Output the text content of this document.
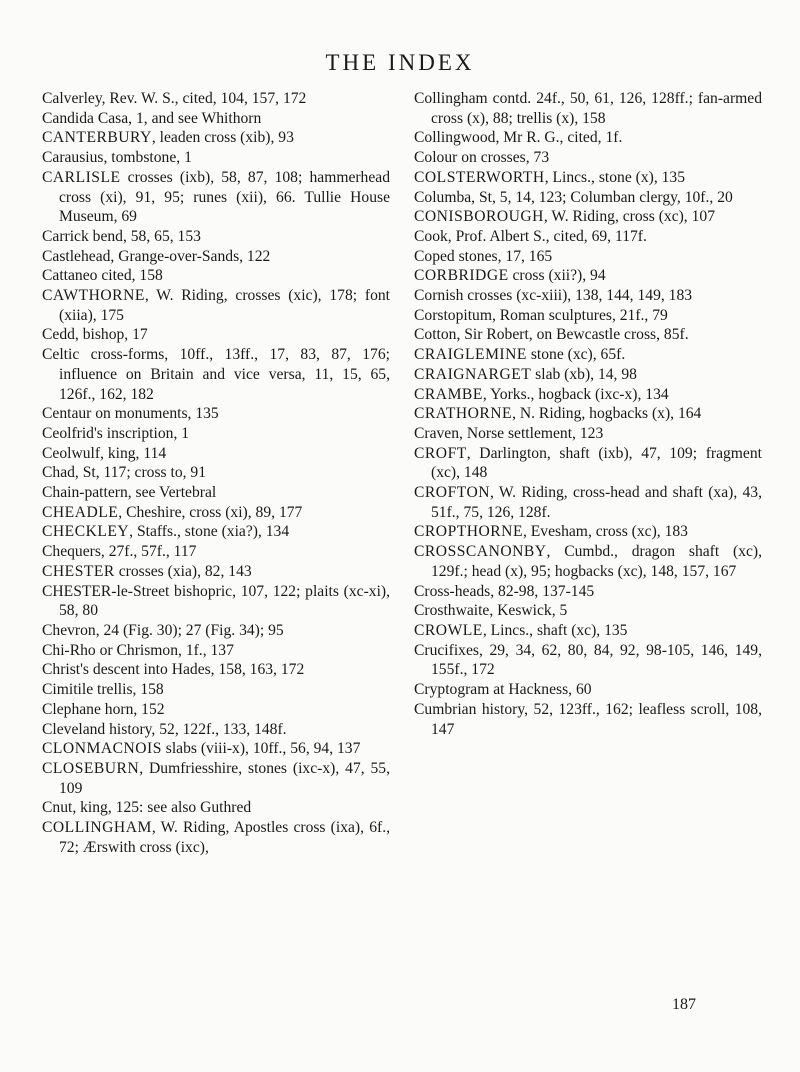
THE INDEX

Calverley, Rev. W. S., cited, 104, 157, 172

Candida Casa, 1, and see Whithorn

CANTERBURY, leaden cross (xib), 93

Carausius, tombstone, 1

CARLISLE crosses (ixb), 58, 87, 108; hammerhead cross (xi), 91, 95; runes (xii), 66. Tullie House Museum, 69

Carrick bend, 58, 65, 153

Castlehead, Grange-over-Sands, 122

Cattaneo cited, 158

CAWTHORNE, W. Riding, crosses (xic), 178; font (xiia), 175

Cedd, bishop, 17

Celtic cross-forms, 10ff., 13ff., 17, 83, 87, 176; influence on Britain and vice versa, 11, 15, 65, 126f., 162, 182

Centaur on monuments, 135

Ceolfrid's inscription, 1

Ceolwulf, king, 114

Chad, St, 117; cross to, 91

Chain-pattern, see Vertebral

CHEADLE, Cheshire, cross (xi), 89, 177

CHECKLEY, Staffs., stone (xia?), 134

Chequers, 27f., 57f., 117

CHESTER crosses (xia), 82, 143

CHESTER-le-Street bishopric, 107, 122; plaits (xc-xi), 58, 80

Chevron, 24 (Fig. 30); 27 (Fig. 34); 95

Chi-Rho or Chrismon, 1f., 137

Christ's descent into Hades, 158, 163, 172

Cimitile trellis, 158

Clephane horn, 152

Cleveland history, 52, 122f., 133, 148f.

CLONMACNOIS slabs (viii-x), 10ff., 56, 94, 137

CLOSEBURN, Dumfriesshire, stones (ixc-x), 47, 55, 109

Cnut, king, 125: see also Guthred

COLLINGHAM, W. Riding, Apostles cross (ixa), 6f., 72; Ærswith cross (ixc),

Collingham contd. 24f., 50, 61, 126, 128ff.; fan-armed cross (x), 88; trellis (x), 158

Collingwood, Mr R. G., cited, 1f.

Colour on crosses, 73

COLSTERWORTH, Lincs., stone (x), 135

Columba, St, 5, 14, 123; Columban clergy, 10f., 20

CONISBOROUGH, W. Riding, cross (xc), 107

Cook, Prof. Albert S., cited, 69, 117f.

Coped stones, 17, 165

CORBRIDGE cross (xii?), 94

Cornish crosses (xc-xiii), 138, 144, 149, 183

Corstopitum, Roman sculptures, 21f., 79

Cotton, Sir Robert, on Bewcastle cross, 85f.

CRAIGLEMINE stone (xc), 65f.

CRAIGNARGET slab (xb), 14, 98

CRAMBE, Yorks., hogback (ixc-x), 134

CRATHORNE, N. Riding, hogbacks (x), 164

Craven, Norse settlement, 123

CROFT, Darlington, shaft (ixb), 47, 109; fragment (xc), 148

CROFTON, W. Riding, cross-head and shaft (xa), 43, 51f., 75, 126, 128f.

CROPTHORNE, Evesham, cross (xc), 183

CROSSCANONBY, Cumbd., dragon shaft (xc), 129f.; head (x), 95; hogbacks (xc), 148, 157, 167

Cross-heads, 82-98, 137-145

Crosthwaite, Keswick, 5

CROWLE, Lincs., shaft (xc), 135

Crucifixes, 29, 34, 62, 80, 84, 92, 98-105, 146, 149, 155f., 172

Cryptogram at Hackness, 60

Cumbrian history, 52, 123ff., 162; leafless scroll, 108, 147

187
